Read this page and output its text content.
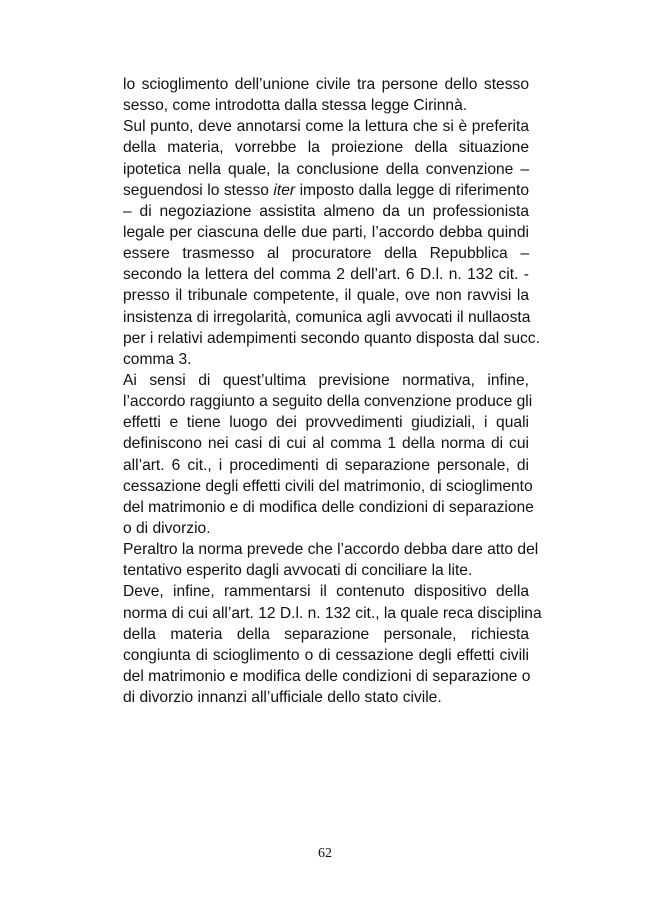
lo scioglimento dell’unione civile tra persone dello stesso
sesso, come introdotta dalla stessa legge Cirinnà.
Sul punto, deve annotarsi come la lettura che si è preferita
della materia, vorrebbe la proiezione della situazione
ipotetica nella quale, la conclusione della convenzione –
seguendosi lo stesso iter imposto dalla legge di riferimento
– di negoziazione assistita almeno da un professionista
legale per ciascuna delle due parti, l’accordo debba quindi
essere trasmesso al procuratore della Repubblica –
secondo la lettera del comma 2 dell’art. 6 D.l. n. 132 cit. -
presso il tribunale competente, il quale, ove non ravvisi la
insistenza di irregolarità, comunica agli avvocati il nullaosta
per i relativi adempimenti secondo quanto disposta dal succ.
comma 3.
Ai sensi di quest’ultima previsione normativa, infine,
l’accordo raggiunto a seguito della convenzione produce gli
effetti e tiene luogo dei provvedimenti giudiziali, i quali
definiscono nei casi di cui al comma 1 della norma di cui
all’art. 6 cit., i procedimenti di separazione personale, di
cessazione degli effetti civili del matrimonio, di scioglimento
del matrimonio e di modifica delle condizioni di separazione
o di divorzio.
Peraltro la norma prevede che l’accordo debba dare atto del
tentativo esperito dagli avvocati di conciliare la lite.
Deve, infine, rammentarsi il contenuto dispositivo della
norma di cui all’art. 12 D.l. n. 132 cit., la quale reca disciplina
della materia della separazione personale, richiesta
congiunta di scioglimento o di cessazione degli effetti civili
del matrimonio e modifica delle condizioni di separazione o
di divorzio innanzi all’ufficiale dello stato civile.
62
